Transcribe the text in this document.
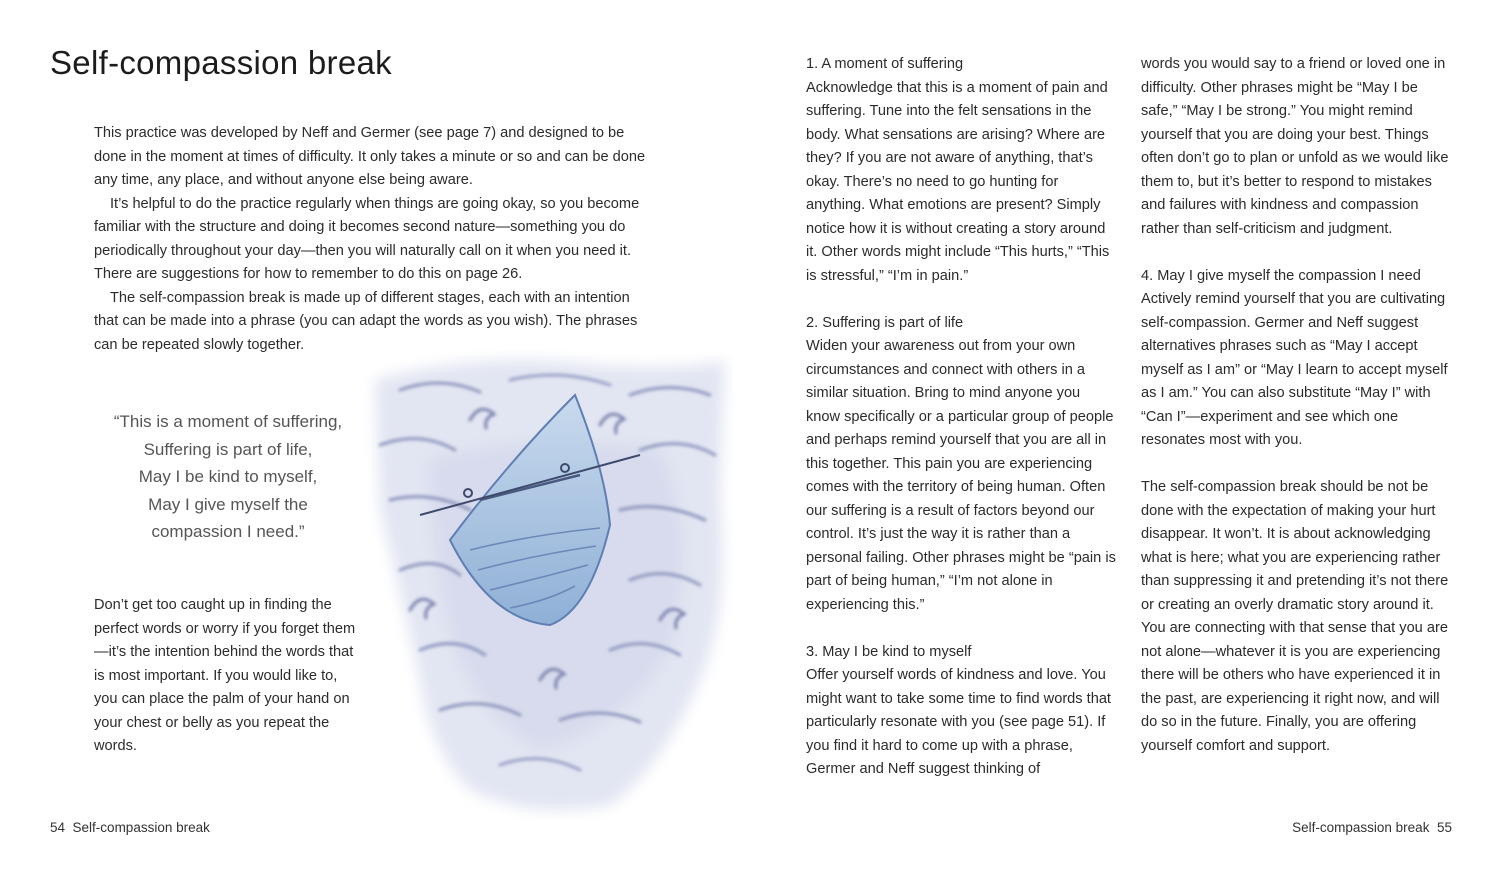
Self-compassion break

This practice was developed by Neff and Germer (see page 7) and designed to be done in the moment at times of difficulty. It only takes a minute or so and can be done any time, any place, and without anyone else being aware.

It’s helpful to do the practice regularly when things are going okay, so you become familiar with the structure and doing it becomes second nature—something you do periodically throughout your day—then you will naturally call on it when you need it. There are suggestions for how to remember to do this on page 26.

The self-compassion break is made up of different stages, each with an intention that can be made into a phrase (you can adapt the words as you wish). The phrases can be repeated slowly together.

“This is a moment of suffering,

Suffering is part of life,

May I be kind to myself,

May I give myself the

compassion I need.”

Don’t get too caught up in finding the perfect words or worry if you forget them—it’s the intention behind the words that is most important. If you would like to, you can place the palm of your hand on your chest or belly as you repeat the words.
54 Self-compassion break

1. A moment of suffering

Acknowledge that this is a moment of pain and suffering. Tune into the felt sensations in the body. What sensations are arising? Where are they? If you are not aware of anything, that’s okay. There’s no need to go hunting for anything. What emotions are present? Simply notice how it is without creating a story around it. Other words might include “This hurts,” “This is stressful,” “I’m in pain.”

2. Suffering is part of life

Widen your awareness out from your own circumstances and connect with others in a similar situation. Bring to mind anyone you know specifically or a particular group of people and perhaps remind yourself that you are all in this together. This pain you are experiencing comes with the territory of being human. Often our suffering is a result of factors beyond our control. It’s just the way it is rather than a personal failing. Other phrases might be “pain is part of being human,” “I’m not alone in experiencing this.”

3. May I be kind to myself

Offer yourself words of kindness and love. You might want to take some time to find words that particularly resonate with you (see page 51). If you find it hard to come up with a phrase, Germer and Neff suggest thinking of

words you would say to a friend or loved one in difficulty. Other phrases might be “May I be safe,” “May I be strong.” You might remind yourself that you are doing your best. Things often don’t go to plan or unfold as we would like them to, but it’s better to respond to mistakes and failures with kindness and compassion rather than self-criticism and judgment.

4. May I give myself the compassion I need

Actively remind yourself that you are cultivating self-compassion. Germer and Neff suggest alternatives phrases such as “May I accept myself as I am” or “May I learn to accept myself as I am.” You can also substitute “May I” with “Can I”—experiment and see which one resonates most with you.

The self-compassion break should be not be done with the expectation of making your hurt disappear. It won’t. It is about acknowledging what is here; what you are experiencing rather than suppressing it and pretending it’s not there or creating an overly dramatic story around it. You are connecting with that sense that you are not alone—whatever it is you are experiencing there will be others who have experienced it in the past, are experiencing it right now, and will do so in the future. Finally, you are offering yourself comfort and support.

Self-compassion break 55
